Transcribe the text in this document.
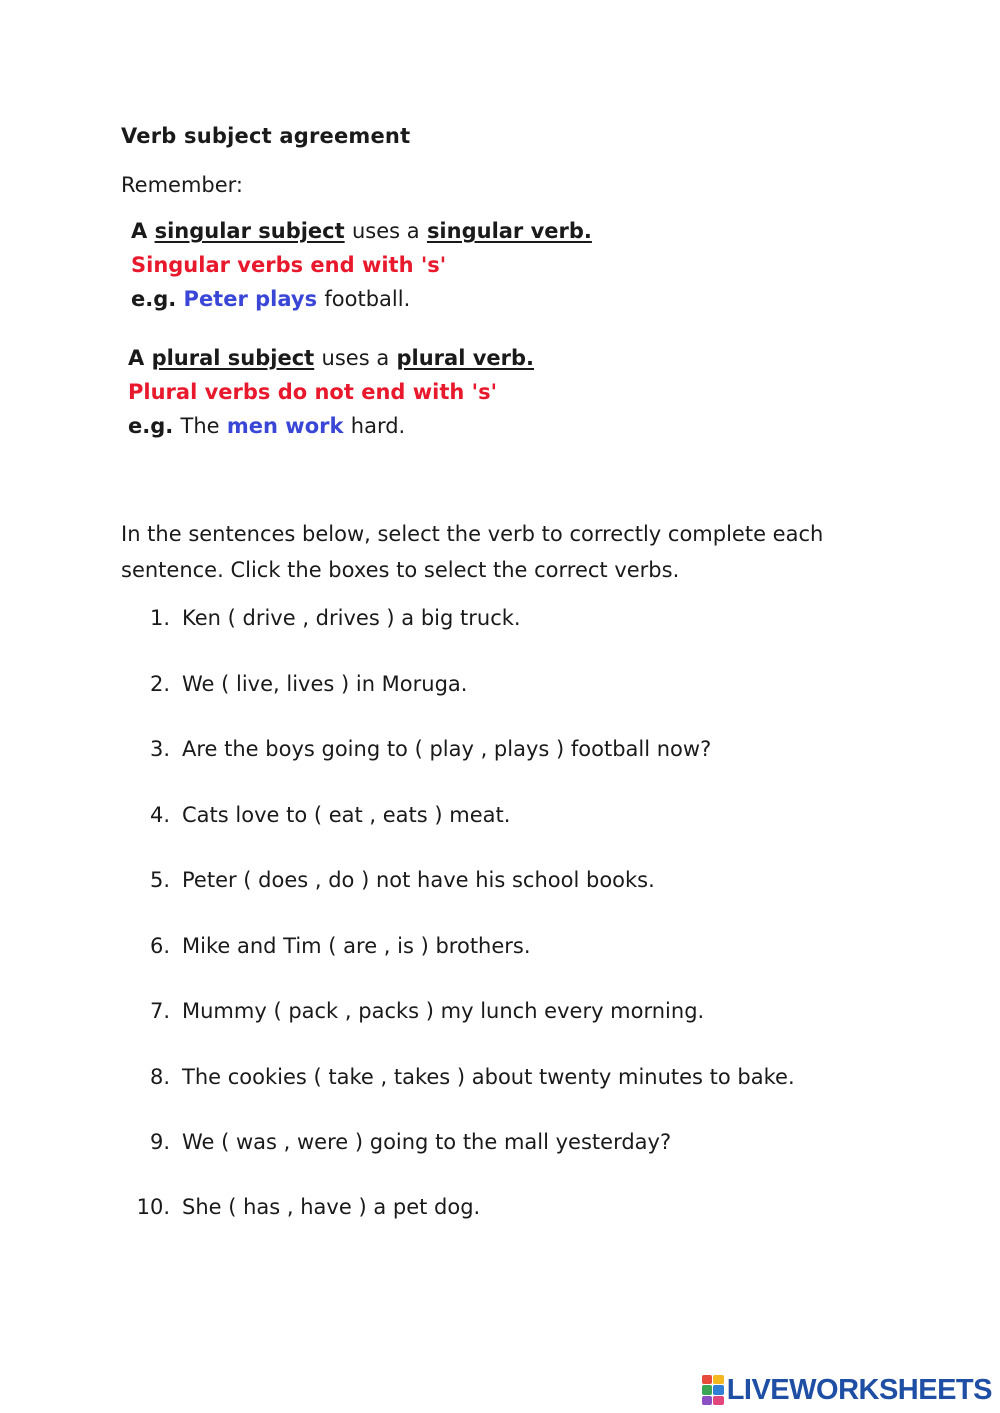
Verb subject agreement
Remember:
A singular subject uses a singular verb.
Singular verbs end with 's'
e.g. Peter plays football.
A plural subject uses a plural verb.
Plural verbs do not end with 's'
e.g. The men work hard.
In the sentences below, select the verb to correctly complete each
sentence. Click the boxes to select the correct verbs.
1. Ken ( drive , drives ) a big truck.
2. We ( live, lives ) in Moruga.
3. Are the boys going to ( play , plays ) football now?
4. Cats love to ( eat , eats ) meat.
5. Peter ( does , do ) not have his school books.
6. Mike and Tim ( are , is ) brothers.
7. Mummy ( pack , packs ) my lunch every morning.
8. The cookies ( take , takes ) about twenty minutes to bake.
9. We ( was , were ) going to the mall yesterday?
10. She ( has , have ) a pet dog.
LIVEWORKSHEETS
